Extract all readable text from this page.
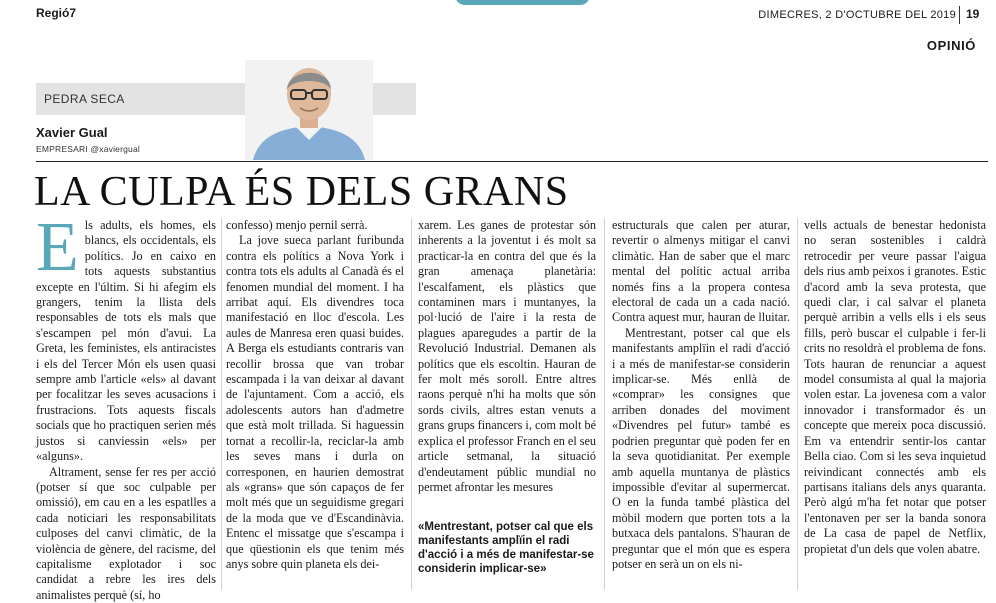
Regió7	DIMECRES, 2 D'OCTUBRE DEL 2019 19
OPINIÓ
PEDRA SECA
Xavier Gual
EMPRESARI @xaviergual
LA CULPA ÉS DELS GRANS
E ls adults, els homes, els blancs, els occidentals, els polítics. Jo en caixo en tots aquests substantius excepte en l'últim. Si hi afegim els grangers, tenim la llista dels responsables de tots els mals que s'escampen pel món d'avui. La Greta, les feministes, els antiracistes i els del Tercer Món els usen quasi sempre amb l'article «els» al davant per focalitzar les seves acusacions i frustracions. Tots aquests fiscals socials que ho practiquen serien més justos si canviessin «els» per «alguns».

Altrament, sense fer res per acció (potser sí que soc culpable per omissió), em cau en a les espatlles a cada noticiari les responsabilitats culposes del canvi climàtic, de la violència de gènere, del racisme, del capitalisme explotador i soc candidat a rebre les ires dels animalistes perquè (sí, ho

confesso) menjo pernil serrà.

La jove sueca parlant furibunda contra els polítics a Nova York i contra tots els adults al Canadà és el fenomen mundial del moment. I ha arribat aquí. Els divendres toca manifestació en lloc d'escola. Les aules de Manresa eren quasi buides. A Berga els estudiants contraris van recollir brossa que van trobar escampada i la van deixar al davant de l'ajuntament. Com a acció, els adolescents autors han d'admetre que està molt trillada. Si haguessin tornat a recollir-la, reciclar-la amb les seves mans i durla on corresponen, en haurien demostrat als «grans» que són capaços de fer molt més que un seguidisme gregari de la moda que ve d'Escandinàvia. Entenc el missatge que s'escampa i que qüestionin els que tenim més anys sobre quin planeta els dei-

xarem. Les ganes de protestar són inherents a la joventut i és molt sa practicar-la en contra del que és la gran amenaça planetària: l'escalfament, els plàstics que contaminen mars i muntanyes, la pol·lució de l'aire i la resta de plagues aparegudes a partir de la Revolució Industrial. Demanen als polítics que els escoltin. Hauran de fer molt més soroll. Entre altres raons perquè n'hi ha molts que són sords civils, altres estan venuts a grans grups financers i, com molt bé explica el professor Franch en el seu article setmanal, la situació d'endeutament públic mundial no permet afrontar les mesures

«Mentrestant, potser cal que els manifestants amplïin el radi d'acció i a més de manifestar-se considerin implicar-se»

estructurals que calen per aturar, revertir o almenys mitigar el canvi climàtic. Han de saber que el marc mental del polític actual arriba només fins a la propera contesa electoral de cada un a cada nació. Contra aquest mur, hauran de lluitar.

Mentrestant, potser cal que els manifestants amplïin el radi d'acció i a més de manifestar-se considerin implicar-se. Més enllà de «comprar» les consignes que arriben donades del moviment «Divendres pel futur» també es podrien preguntar què poden fer en la seva quotidianitat. Per exemple amb aquella muntanya de plàstics impossible d'evitar al supermercat. O en la funda també plàstica del mòbil modern que porten tots a la butxaca dels pantalons. S'hauran de preguntar que el món que es espera potser en serà un on els ni-

vells actuals de benestar hedonista no seran sostenibles i caldrà retrocedir per veure passar l'aigua dels rius amb peixos i granotes. Estic d'acord amb la seva protesta, que quedi clar, i cal salvar el planeta perquè arribin a vells ells i els seus fills, però buscar el culpable i fer-li crits no resoldrà el problema de fons. Tots hauran de renunciar a aquest model consumista al qual la majoria volen estar. La jovenesa com a valor innovador i transformador és un concepte que mereix poca discussió. Em va entendrir sentir-los cantar Bella ciao. Com si les seva inquietud reivindicant connectés amb els partisans italians dels anys quaranta. Però algú m'ha fet notar que potser l'entonaven per ser la banda sonora de La casa de papel de Netflix, propietat d'un dels que volen abatre.
